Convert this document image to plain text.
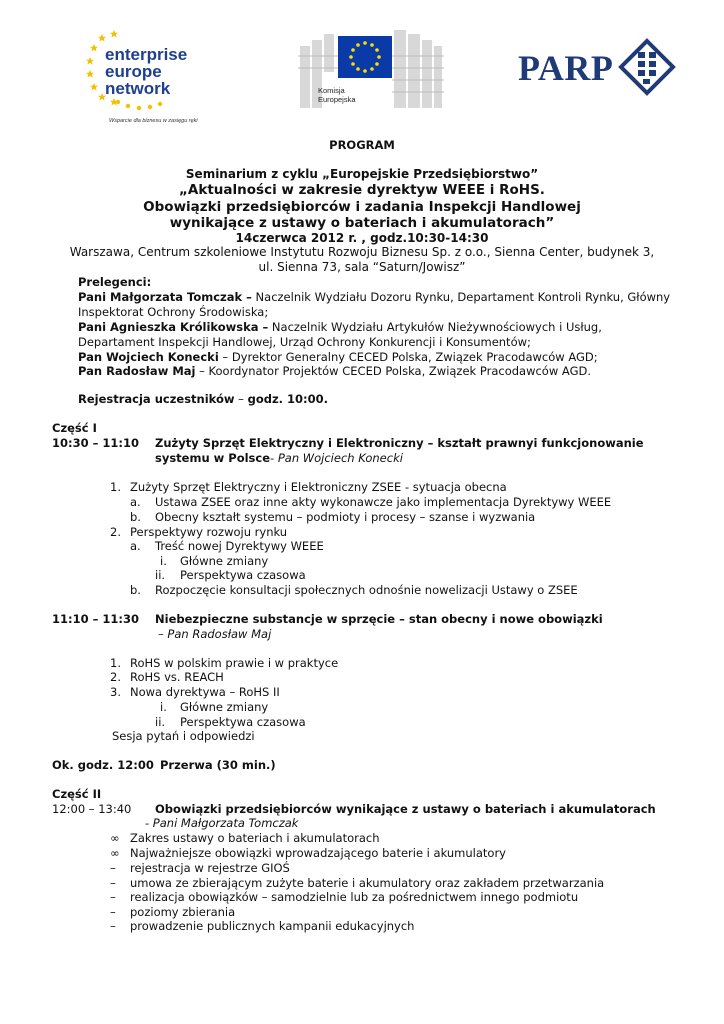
enterprise
europe
network
Wsparcie dla biznesu w zasięgu ręki
Komisja
Europejska
PARP
PROGRAM
Seminarium z cyklu „Europejskie Przedsiębiorstwo”
„Aktualności w zakresie dyrektyw WEEE i RoHS.
Obowiązki przedsiębiorców i zadania Inspekcji Handlowej
wynikające z ustawy o bateriach i akumulatorach”
14czerwca 2012 r. , godz.10:30-14:30
Warszawa, Centrum szkoleniowe Instytutu Rozwoju Biznesu Sp. z o.o., Sienna Center, budynek 3,
ul. Sienna 73, sala “Saturn/Jowisz”
Prelegenci:
Pani Małgorzata Tomczak – Naczelnik Wydziału Dozoru Rynku, Departament Kontroli Rynku, Główny
Inspektorat Ochrony Środowiska;
Pani Agnieszka Królikowska – Naczelnik Wydziału Artykułów Nieżywnościowych i Usług,
Departament Inspekcji Handlowej, Urząd Ochrony Konkurencji i Konsumentów;
Pan Wojciech Konecki – Dyrektor Generalny CECED Polska, Związek Pracodawców AGD;
Pan Radosław Maj – Koordynator Projektów CECED Polska, Związek Pracodawców AGD.
Rejestracja uczestników – godz. 10:00.
Część I
10:30 – 11:10 Zużyty Sprzęt Elektryczny i Elektroniczny – kształt prawnyi funkcjonowanie
systemu w Polsce- Pan Wojciech Konecki
1. Zużyty Sprzęt Elektryczny i Elektroniczny ZSEE - sytuacja obecna
a. Ustawa ZSEE oraz inne akty wykonawcze jako implementacja Dyrektywy WEEE
b. Obecny kształt systemu – podmioty i procesy – szanse i wyzwania
2. Perspektywy rozwoju rynku
a. Treść nowej Dyrektywy WEEE
i. Główne zmiany
ii. Perspektywa czasowa
b. Rozpoczęcie konsultacji społecznych odnośnie nowelizacji Ustawy o ZSEE
11:10 – 11:30 Niebezpieczne substancje w sprzęcie – stan obecny i nowe obowiązki
– Pan Radosław Maj
1. RoHS w polskim prawie i w praktyce
2. RoHS vs. REACH
3. Nowa dyrektywa – RoHS II
i. Główne zmiany
ii. Perspektywa czasowa
Sesja pytań i odpowiedzi
Ok. godz. 12:00 Przerwa (30 min.)
Część II
12:00 – 13:40 Obowiązki przedsiębiorców wynikające z ustawy o bateriach i akumulatorach
- Pani Małgorzata Tomczak
∞ Zakres ustawy o bateriach i akumulatorach
∞ Najważniejsze obowiązki wprowadzającego baterie i akumulatory
– rejestracja w rejestrze GIOŚ
– umowa ze zbierającym zużyte baterie i akumulatory oraz zakładem przetwarzania
– realizacja obowiązków – samodzielnie lub za pośrednictwem innego podmiotu
– poziomy zbierania
– prowadzenie publicznych kampanii edukacyjnych
